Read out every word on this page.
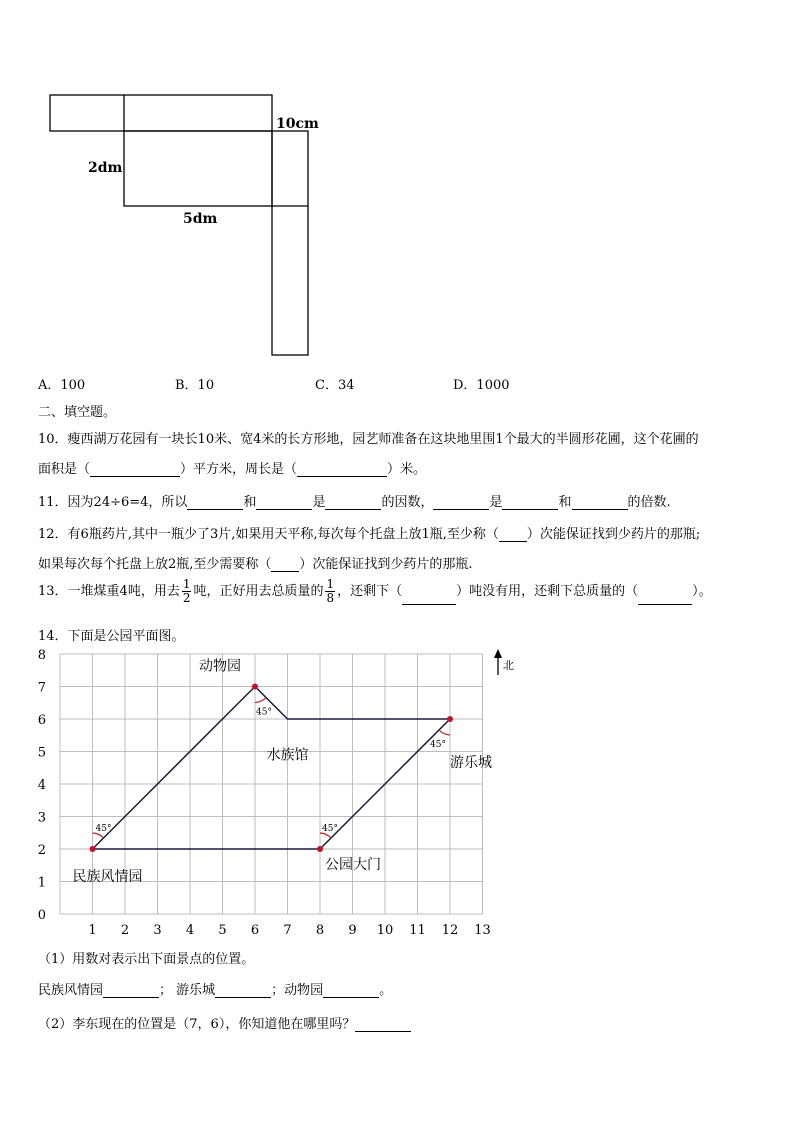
2dm
5dm
10cm
A．100	B．10	C．34	D．1000
二、填空题。
10．瘦西湖万花园有一块长10米、宽4米的长方形地，园艺师准备在这块地里围1个最大的半圆形花圃，这个花圃的
面积是（	）平方米，周长是（	）米。
11．因为24÷6=4，所以	和	是	的因数，	是	和	的倍数.
12．有6瓶药片,其中一瓶少了3片,如果用天平称,每次每个托盘上放1瓶,至少称（ ）次能保证找到少药片的那瓶;
如果每次每个托盘上放2瓶,至少需要称（ ）次能保证找到少药片的那瓶.
13．一堆煤重4吨，用去 $\frac{1}{2}$ 吨，正好用去总质量的 $\frac{1}{8}$ ，还剩下（	）吨没有用，还剩下总质量的（	）。
14．下面是公园平面图。
1 2 3 4 5 6 7 8 9 10 11 12 13
0
1
2
3
4
5
6
7
8
45°
45°
45°
45°
民族风情园
动物园
游乐城
公园大门
水族馆
北
（1）用数对表示出下面景点的位置。
民族风情园	； 游乐城	；动物园	。
（2）李东现在的位置是（7，6），你知道他在哪里吗？
